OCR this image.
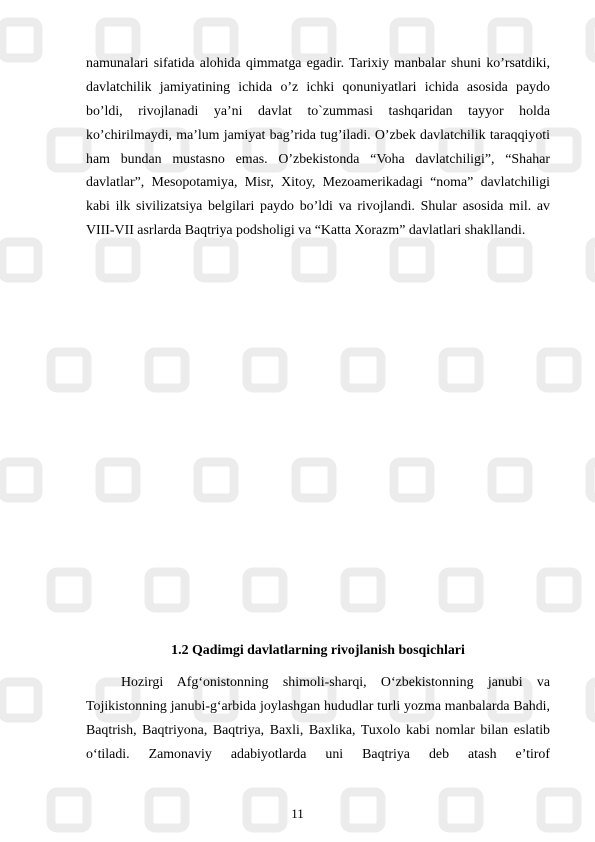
namunalari sifatida alohida qimmatga egadir. Tarixiy manbalar shuni ko’rsatdiki,
davlatchilik jamiyatining ichida o’z ichki qonuniyatlari ichida asosida paydo
bo’ldi, rivojlanadi ya’ni davlat to`zummasi tashqaridan tayyor holda
ko’chirilmaydi, ma’lum jamiyat bag’rida tug’iladi. O’zbek davlatchilik taraqqiyoti
ham bundan mustasno emas. O’zbekistonda “Voha davlatchiligi”, “Shahar
davlatlar”, Mesopotamiya, Misr, Xitoy, Mezoamerikadagi “noma” davlatchiligi
kabi ilk sivilizatsiya belgilari paydo bo’ldi va rivojlandi. Shular asosida mil. av
VIII-VII asrlarda Baqtriya podsholigi va “Katta Xorazm” davlatlari shakllandi.
1.2 Qadimgi davlatlarning rivojlanish bosqichlari
Hozirgi Afg‘onistonning shimoli-sharqi, O‘zbekistonning janubi va
Tojikistonning janubi-g‘arbida joylashgan hududlar turli yozma manbalarda Bahdi,
Baqtrish, Baqtriyona, Baqtriya, Baxli, Baxlika, Tuxolo kabi nomlar bilan eslatib
o‘tiladi. Zamonaviy adabiyotlarda uni Baqtriya deb atash e’tirof
11
